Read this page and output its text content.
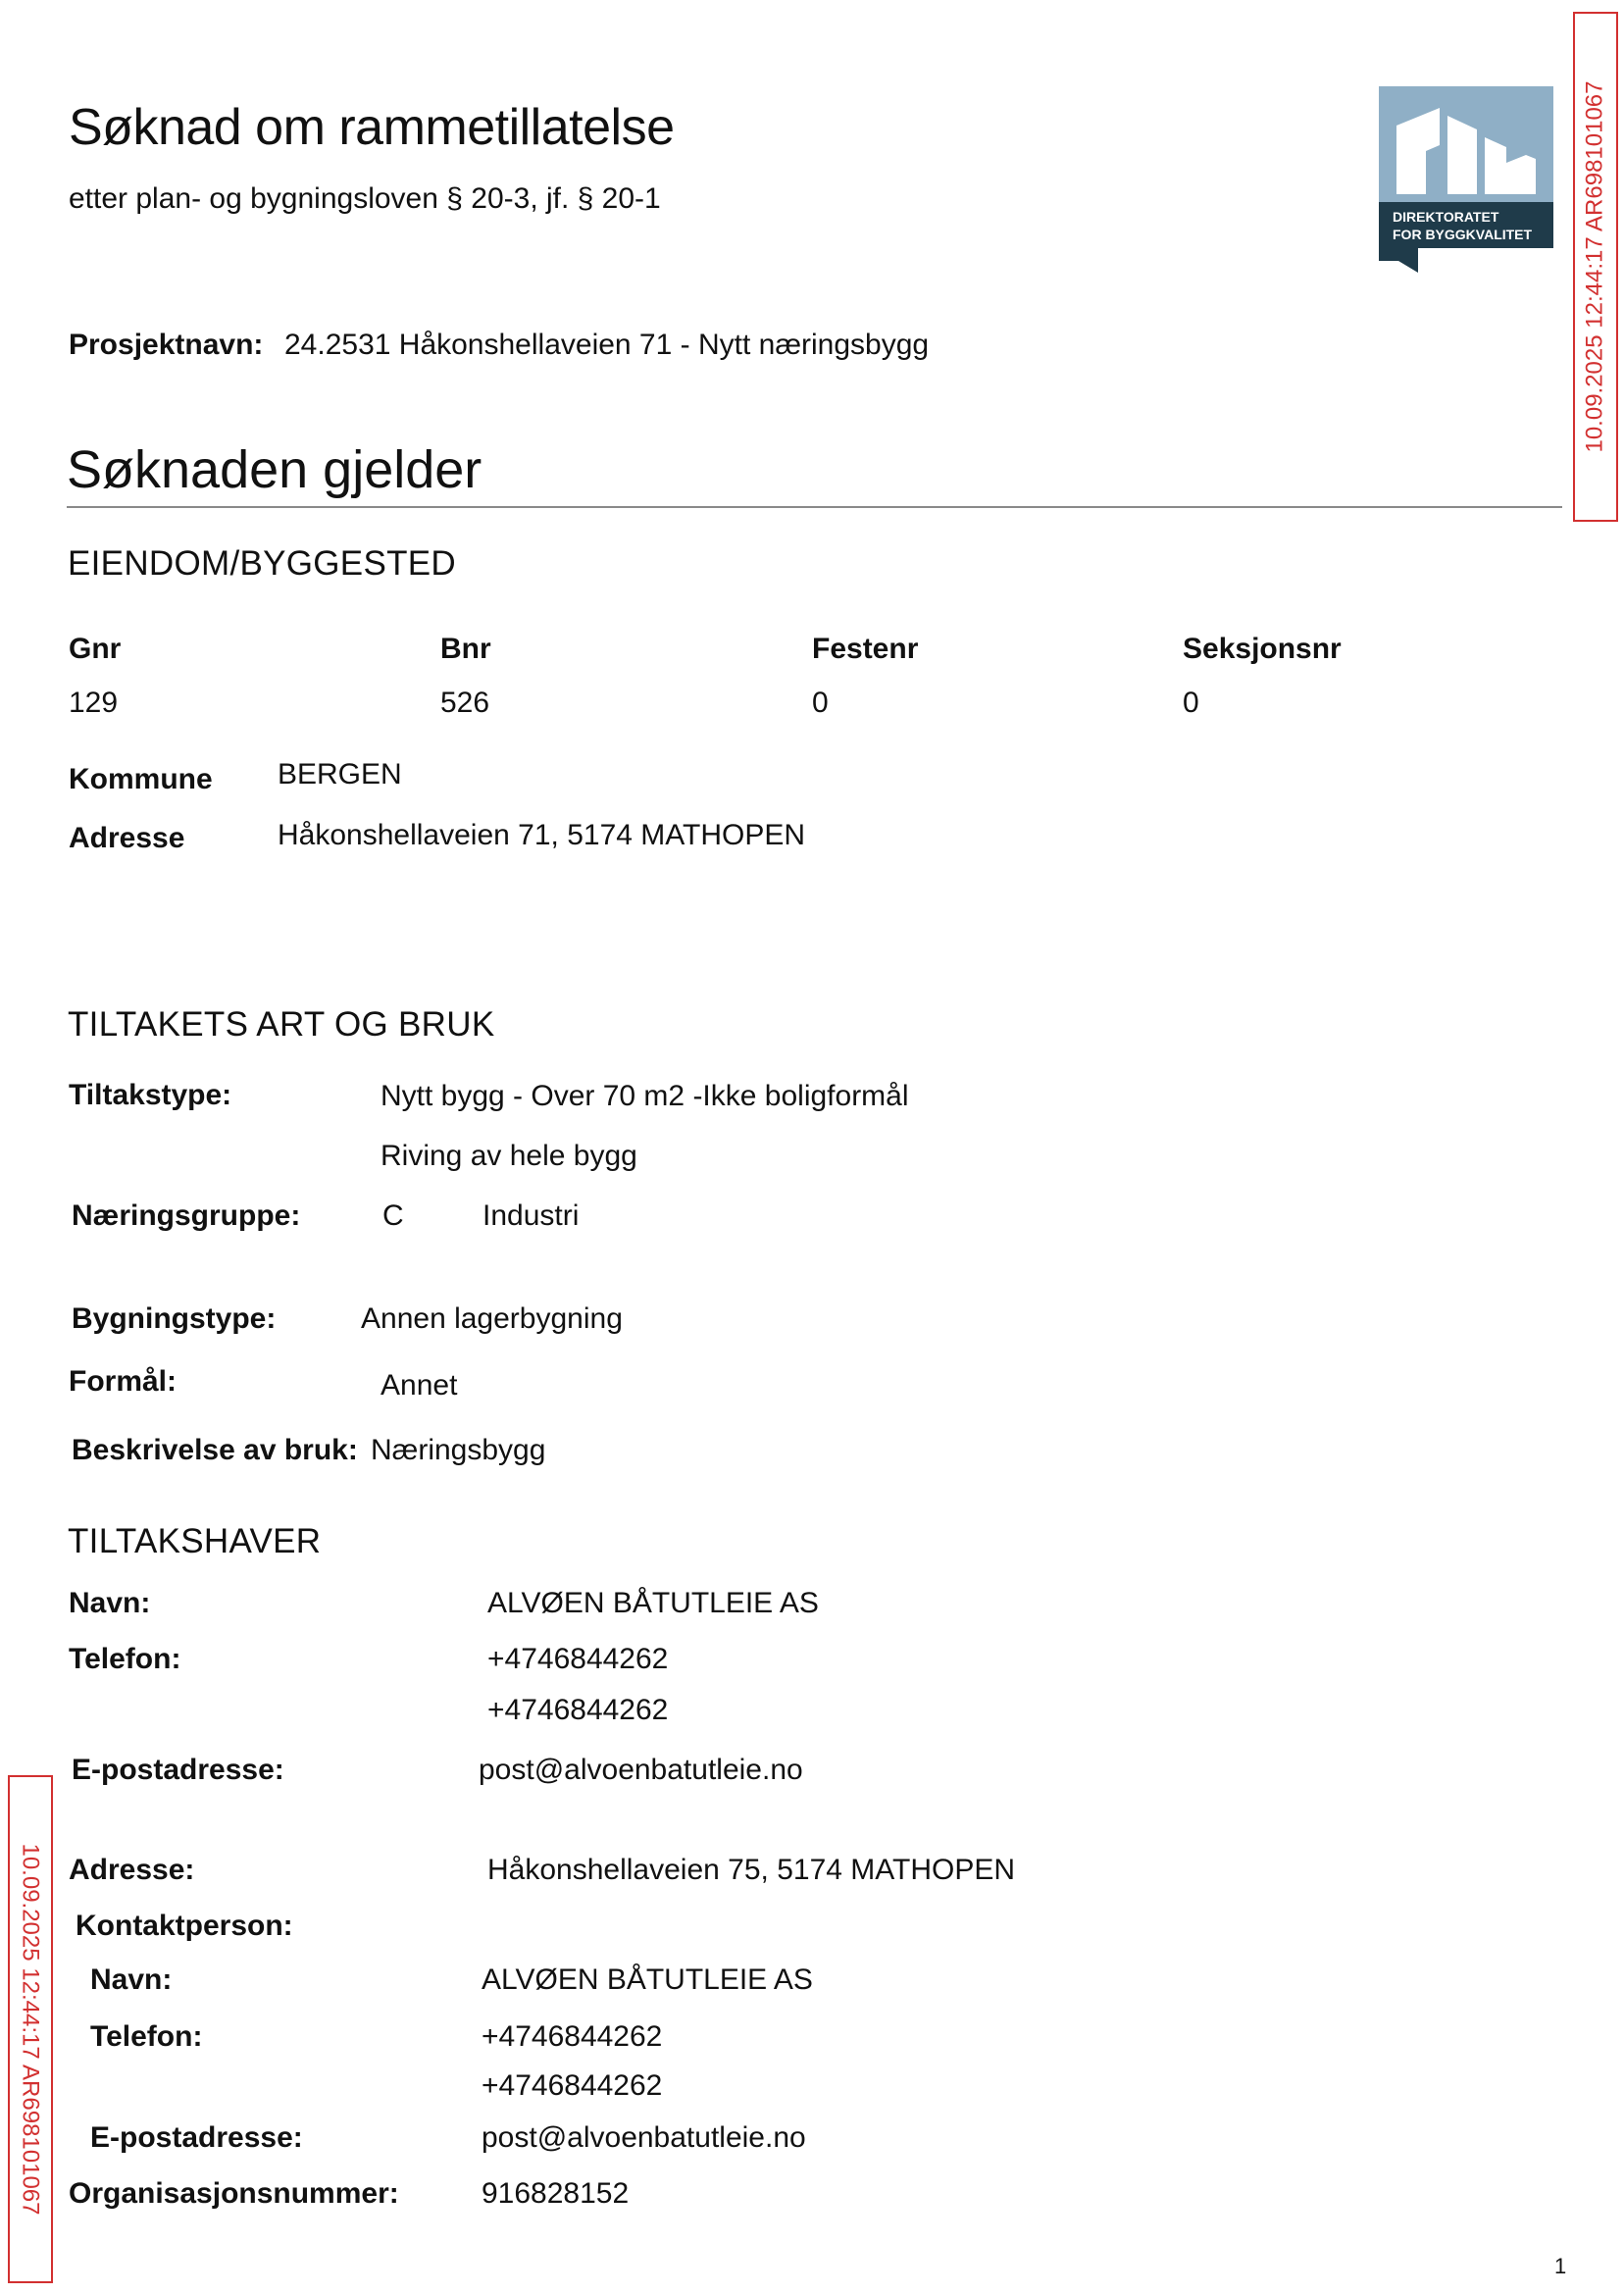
Søknad om rammetillatelse
etter plan- og bygningsloven § 20-3, jf. § 20-1
DIREKTORATET
FOR BYGGKVALITET 10.09.2025 12:44:17 AR698101067
10.09.2025 12:44:17 AR698101067
Prosjektnavn: 24.2531 Håkonshellaveien 71 - Nytt næringsbygg
Søknaden gjelder
EIENDOM/BYGGESTED
Gnr	Bnr	Festenr	Seksjonsnr
129	526	0	0
Kommune BERGEN
Adresse	Håkonshellaveien 71, 5174 MATHOPEN
TILTAKETS ART OG BRUK
Tiltakstype:	Nytt bygg - Over 70 m2 -Ikke boligformål
Riving av hele bygg
Næringsgruppe:	C	Industri
Bygningstype:	Annen lagerbygning
Formål:	Annet
Beskrivelse av bruk: Næringsbygg
TILTAKSHAVER
Navn:	ALVØEN BÅTUTLEIE AS
Telefon:	+4746844262
+4746844262
E-postadresse:	post@alvoenbatutleie.no
Adresse:	Håkonshellaveien 75, 5174 MATHOPEN
Kontaktperson:
Navn:	ALVØEN BÅTUTLEIE AS
Telefon:	+4746844262
+4746844262
E-postadresse:	post@alvoenbatutleie.no
Organisasjonsnummer:	916828152
1
